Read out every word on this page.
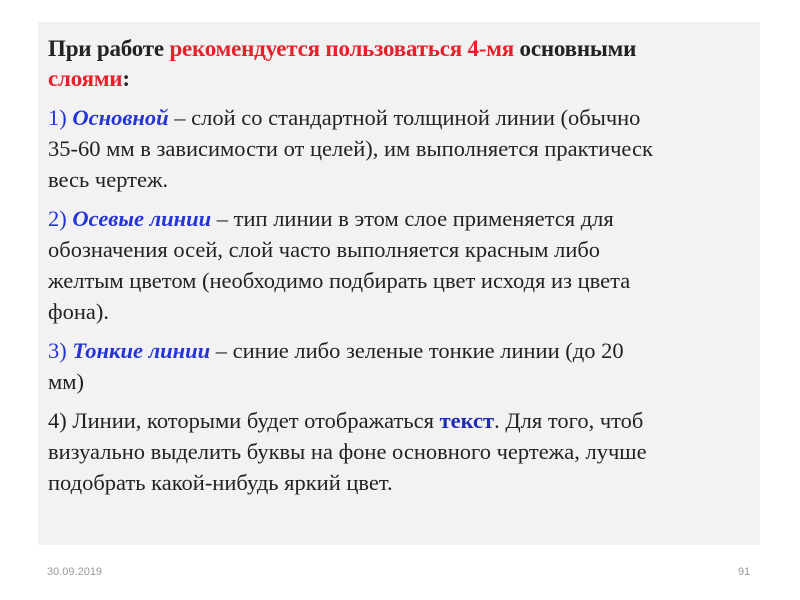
При работе рекомендуется пользоваться 4-мя основными
слоями:

1) Основной – слой со стандартной толщиной линии (обычно
35-60 мм в зависимости от целей), им выполняется практическ
весь чертеж.

2) Осевые линии – тип линии в этом слое применяется для
обозначения осей, слой часто выполняется красным либо
желтым цветом (необходимо подбирать цвет исходя из цвета
фона).

3) Тонкие линии – синие либо зеленые тонкие линии (до 20
мм)

4) Линии, которыми будет отображаться текст. Для того, чтоб
визуально выделить буквы на фоне основного чертежа, лучше
подобрать какой-нибудь яркий цвет.

30.09.2019	91
